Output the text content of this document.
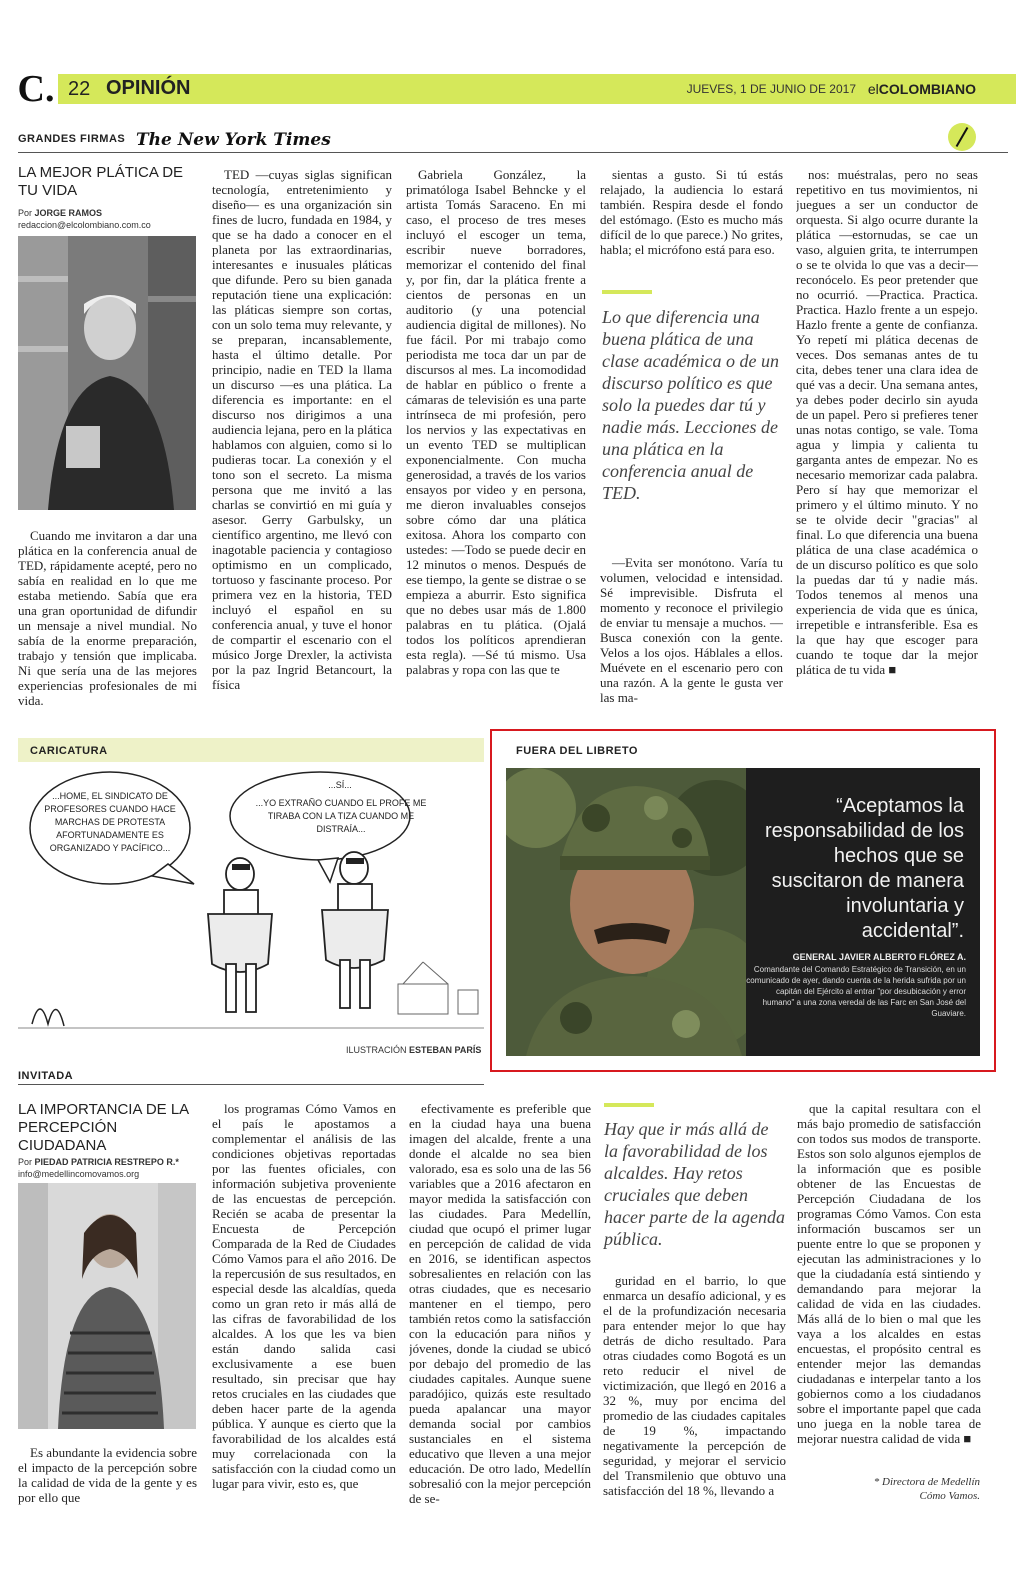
C. 22 OPINIÓN	JUEVES, 1 DE JUNIO DE 2017 elCOLOMBIANO
GRANDES FIRMAS The New York Times
LA MEJOR PLÁTICA DE TU VIDA
Por JORGE RAMOS
redaccion@elcolombiano.com.co

Cuando me invitaron a dar una plática en la conferencia anual de TED, rápidamente acepté, pero no sabía en realidad en lo que me estaba metiendo. Sabía que era una gran oportunidad de difundir un mensaje a nivel mundial. No sabía de la enorme preparación, trabajo y tensión que implicaba. Ni que sería una de las mejores experiencias profesionales de mi vida.

TED —cuyas siglas significan tecnología, entretenimiento y diseño— es una organización sin fines de lucro, fundada en 1984, y que se ha dado a conocer en el planeta por las extraordinarias, interesantes e inusuales pláticas que difunde. Pero su bien ganada reputación tiene una explicación: las pláticas siempre son cortas, con un solo tema muy relevante, y se preparan, incansablemente, hasta el último detalle. Por principio, nadie en TED la llama un discurso —es una plática. La diferencia es importante: en el discurso nos dirigimos a una audiencia lejana, pero en la plática hablamos con alguien, como si lo pudieras tocar. La conexión y el tono son el secreto. La misma persona que me invitó a las charlas se convirtió en mi guía y asesor. Gerry Garbulsky, un científico argentino, me llevó con inagotable paciencia y contagioso optimismo en un complicado, tortuoso y fascinante proceso. Por primera vez en la historia, TED incluyó el español en su conferencia anual, y tuve el honor de compartir el escenario con el músico Jorge Drexler, la activista por la paz Ingrid Betancourt, la física

Gabriela González, la primatóloga Isabel Behncke y el artista Tomás Saraceno. En mi caso, el proceso de tres meses incluyó el escoger un tema, escribir nueve borradores, memorizar el contenido del final y, por fin, dar la plática frente a cientos de personas en un auditorio (y una potencial audiencia digital de millones). No fue fácil. Por mi trabajo como periodista me toca dar un par de discursos al mes. La incomodidad de hablar en público o frente a cámaras de televisión es una parte intrínseca de mi profesión, pero los nervios y las expectativas en un evento TED se multiplican exponencialmente. Con mucha generosidad, a través de los varios ensayos por video y en persona, me dieron invaluables consejos sobre cómo dar una plática exitosa. Ahora los comparto con ustedes: —Todo se puede decir en 12 minutos o menos. Después de ese tiempo, la gente se distrae o se empieza a aburrir. Esto significa que no debes usar más de 1.800 palabras en tu plática. (Ojalá todos los políticos aprendieran esta regla). —Sé tú mismo. Usa palabras y ropa con las que te

sientas a gusto. Si tú estás relajado, la audiencia lo estará también. Respira desde el fondo del estómago. (Esto es mucho más difícil de lo que parece.) No grites, habla; el micrófono está para eso.

Lo que diferencia una buena plática de una clase académica o de un discurso político es que solo la puedes dar tú y nadie más. Lecciones de una plática en la conferencia anual de TED.

—Evita ser monótono. Varía tu volumen, velocidad e intensidad. Sé imprevisible. Disfruta el momento y reconoce el privilegio de enviar tu mensaje a muchos. —Busca conexión con la gente. Velos a los ojos. Háblales a ellos. Muévete en el escenario pero con una razón. A la gente le gusta ver las ma-

nos: muéstralas, pero no seas repetitivo en tus movimientos, ni juegues a ser un conductor de orquesta. Si algo ocurre durante la plática —estornudas, se cae un vaso, alguien grita, te interrumpen o se te olvida lo que vas a decir— reconócelo. Es peor pretender que no ocurrió. —Practica. Practica. Practica. Hazlo frente a un espejo. Hazlo frente a gente de confianza. Yo repetí mi plática decenas de veces. Dos semanas antes de tu cita, debes tener una clara idea de qué vas a decir. Una semana antes, ya debes poder decirlo sin ayuda de un papel. Pero si prefieres tener unas notas contigo, se vale. Toma agua y limpia y calienta tu garganta antes de empezar. No es necesario memorizar cada palabra. Pero sí hay que memorizar el primero y el último minuto. Y no se te olvide decir "gracias" al final. Lo que diferencia una buena plática de una clase académica o de un discurso político es que solo la puedas dar tú y nadie más. Todos tenemos al menos una experiencia de vida que es única, irrepetible e intransferible. Esa es la que hay que escoger para cuando te toque dar la mejor plática de tu vida ■

CARICATURA
...HOME, EL SINDICATO DE PROFESORES CUANDO HACE MARCHAS DE PROTESTA AFORTUNADAMENTE ES ORGANIZADO Y PACÍFICO...
...SÍ...
...YO EXTRAÑO CUANDO EL PROFE ME TIRABA CON LA TIZA CUANDO ME DISTRAÍA...
ILUSTRACIÓN ESTEBAN PARÍS
FUERA DEL LIBRETO
“Aceptamos la responsabilidad de los hechos que se suscitaron de manera involuntaria y accidental”.
GENERAL JAVIER ALBERTO FLÓREZ A.
Comandante del Comando Estratégico de Transición, en un comunicado de ayer, dando cuenta de la herida sufrida por un capitán del Ejército al entrar "por desubicación y error humano" a una zona veredal de las Farc en San José del Guaviare.
INVITADA
LA IMPORTANCIA DE LA PERCEPCIÓN CIUDADANA
Por PIEDAD PATRICIA RESTREPO R.*
info@medellincomovamos.org

Es abundante la evidencia sobre el impacto de la percepción sobre la calidad de vida de la gente y es por ello que

los programas Cómo Vamos en el país le apostamos a complementar el análisis de las condiciones objetivas reportadas por las fuentes oficiales, con información subjetiva proveniente de las encuestas de percepción. Recién se acaba de presentar la Encuesta de Percepción Comparada de la Red de Ciudades Cómo Vamos para el año 2016. De la repercusión de sus resultados, en especial desde las alcaldías, queda como un gran reto ir más allá de las cifras de favorabilidad de los alcaldes. A los que les va bien están dando salida casi exclusivamente a ese buen resultado, sin precisar que hay retos cruciales en las ciudades que deben hacer parte de la agenda pública. Y aunque es cierto que la favorabilidad de los alcaldes está muy correlacionada con la satisfacción con la ciudad como un lugar para vivir, esto es, que

efectivamente es preferible que en la ciudad haya una buena imagen del alcalde, frente a una donde el alcalde no sea bien valorado, esa es solo una de las 56 variables que a 2016 afectaron en mayor medida la satisfacción con las ciudades. Para Medellín, ciudad que ocupó el primer lugar en percepción de calidad de vida en 2016, se identifican aspectos sobresalientes en relación con las otras ciudades, que es necesario mantener en el tiempo, pero también retos como la satisfacción con la educación para niños y jóvenes, donde la ciudad se ubicó por debajo del promedio de las ciudades capitales. Aunque suene paradójico, quizás este resultado pueda apalancar una mayor demanda social por cambios sustanciales en el sistema educativo que lleven a una mejor educación. De otro lado, Medellín sobresalió con la mejor percepción de se-

Hay que ir más allá de la favorabilidad de los alcaldes. Hay retos cruciales que deben hacer parte de la agenda pública.

guridad en el barrio, lo que enmarca un desafío adicional, y es el de la profundización necesaria para entender mejor lo que hay detrás de dicho resultado. Para otras ciudades como Bogotá es un reto reducir el nivel de victimización, que llegó en 2016 a 32 %, muy por encima del promedio de las ciudades capitales de 19 %, impactando negativamente la percepción de seguridad, y mejorar el servicio del Transmilenio que obtuvo una satisfacción del 18 %, llevando a

que la capital resultara con el más bajo promedio de satisfacción con todos sus modos de transporte. Estos son solo algunos ejemplos de la información que es posible obtener de las Encuestas de Percepción Ciudadana de los programas Cómo Vamos. Con esta información buscamos ser un puente entre lo que se proponen y ejecutan las administraciones y lo que la ciudadanía está sintiendo y demandando para mejorar la calidad de vida en las ciudades. Más allá de lo bien o mal que les vaya a los alcaldes en estas encuestas, el propósito central es entender mejor las demandas ciudadanas e interpelar tanto a los gobiernos como a los ciudadanos sobre el importante papel que cada uno juega en la noble tarea de mejorar nuestra calidad de vida ■

* Directora de Medellín
Cómo Vamos.
